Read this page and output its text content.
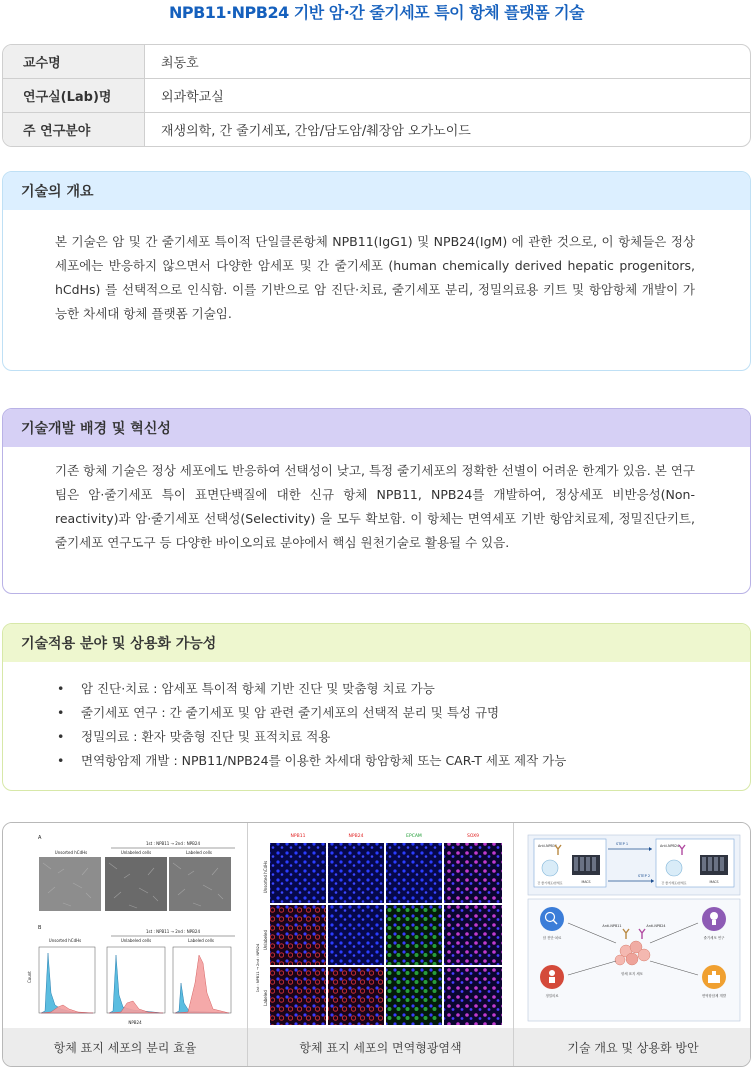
NPB11·NPB24 기반 암·간 줄기세포 특이 항체 플랫폼 기술
교수명	최동호
연구실(Lab)명	외과학교실
주 연구분야	재생의학, 간 줄기세포, 간암/담도암/췌장암 오가노이드
기술의 개요
본 기술은 암 및 간 줄기세포 특이적 단일클론항체 NPB11(IgG1) 및 NPB24(IgM) 에 관한 것으로, 이 항체들은 정상 세포에는 반응하지 않으면서 다양한 암세포 및 간 줄기세포 (human chemically derived hepatic progenitors, hCdHs) 를 선택적으로 인식함. 이를 기반으로 암 진단·치료, 줄기세포 분리, 정밀의료용 키트 및 항암항체 개발이 가능한 차세대 항체 플랫폼 기술임.
기술개발 배경 및 혁신성
기존 항체 기술은 정상 세포에도 반응하여 선택성이 낮고, 특정 줄기세포의 정확한 선별이 어려운 한계가 있음. 본 연구팀은 암·줄기세포 특이 표면단백질에 대한 신규 항체 NPB11, NPB24를 개발하여, 정상세포 비반응성(Non-reactivity)과 암·줄기세포 선택성(Selectivity) 을 모두 확보함. 이 항체는 면역세포 기반 항암치료제, 정밀진단키트, 줄기세포 연구도구 등 다양한 바이오의료 분야에서 핵심 원천기술로 활용될 수 있음.
기술적용 분야 및 상용화 가능성
•	암 진단·치료 : 암세포 특이적 항체 기반 진단 및 맞춤형 치료 가능
•	줄기세포 연구 : 간 줄기세포 및 암 관련 줄기세포의 선택적 분리 및 특성 규명
•	정밀의료 : 환자 맞춤형 진단 및 표적치료 적용
•	면역항암제 개발 : NPB11/NPB24를 이용한 차세대 항암항체 또는 CAR-T 세포 제작 가능
A
1st : NPB11 → 2nd : NPB24
Unsorted hCdHs	Unlabeled cells	Labeled cells
B
1st : NPB11 → 2nd : NPB24
Unsorted hCdHs	Unlabeled cells	Labeled cells
Count
NPB24
항체 표지 세포의 분리 효율
NPB11	NPB24	EPCAM	SOX9
Unsorted hCdHs
Unlabeled
Labeled
1st : NPB11 → 2nd : NPB24
항체 표지 세포의 면역형광염색
Anti-NPB11	Anti-NPB24
간 줄기세포/암세포	간 줄기세포/암세포
MACS	MACS
STEP 1
STEP 2
Anti-NPB11	Anti-NPB24
항체 표지 세포
암 진단·치료	줄기세포 연구
정밀의료	면역항암제 개발
기술 개요 및 상용화 방안
